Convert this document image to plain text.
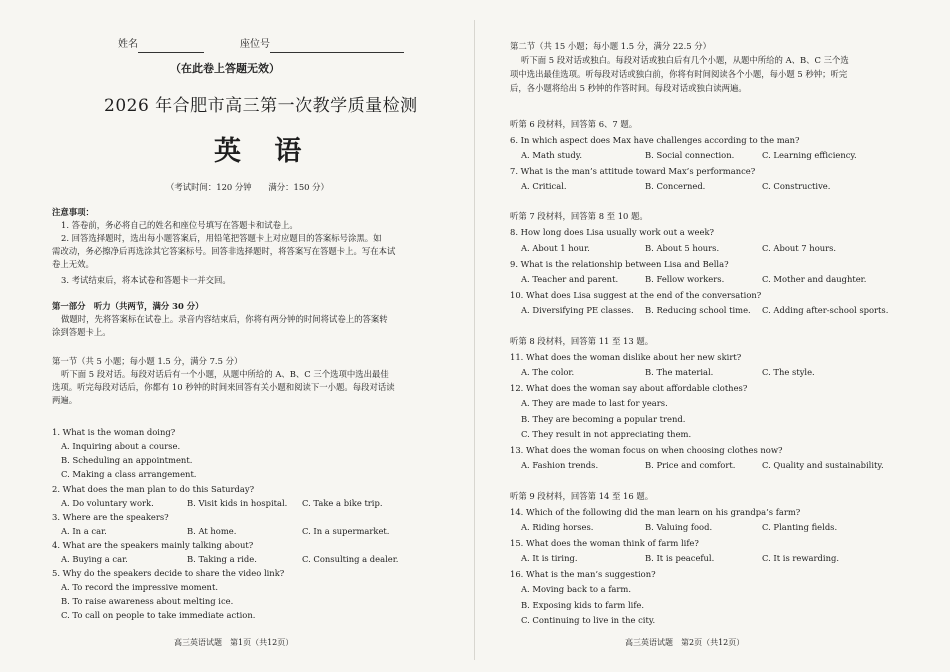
姓名	座位号
（在此卷上答题无效）
2026 年合肥市高三第一次教学质量检测
英 语
（考试时间：120 分钟　　满分：150 分）
注意事项：
1. 答卷前，务必将自己的姓名和座位号填写在答题卡和试卷上。
2. 回答选择题时，选出每小题答案后，用铅笔把答题卡上对应题目的答案标号涂黑。如
需改动，务必擦净后再选涂其它答案标号。回答非选择题时，将答案写在答题卡上。写在本试
卷上无效。
3. 考试结束后，将本试卷和答题卡一并交回。
第一部分　听力（共两节，满分 30 分）
做题时，先将答案标在试卷上。录音内容结束后，你将有两分钟的时间将试卷上的答案转
涂到答题卡上。
第一节（共 5 小题；每小题 1.5 分，满分 7.5 分）
听下面 5 段对话。每段对话后有一个小题，从题中所给的 A、B、C 三个选项中选出最佳
选项。听完每段对话后，你都有 10 秒钟的时间来回答有关小题和阅读下一小题。每段对话读
两遍。
1. What is the woman doing?
A. Inquiring about a course.
B. Scheduling an appointment.
C. Making a class arrangement.
2. What does the man plan to do this Saturday?
A. Do voluntary work.	B. Visit kids in hospital. C. Take a bike trip.
3. Where are the speakers?
A. In a car.	B. At home.	C. In a supermarket.
4. What are the speakers mainly talking about?
A. Buying a car.	B. Taking a ride.	C. Consulting a dealer.
5. Why do the speakers decide to share the video link?
A. To record the impressive moment.
B. To raise awareness about melting ice.
C. To call on people to take immediate action.
高三英语试题　第1页（共12页）
第二节（共 15 小题；每小题 1.5 分，满分 22.5 分）
听下面 5 段对话或独白。每段对话或独白后有几个小题，从题中所给的 A、B、C 三个选
项中选出最佳选项。听每段对话或独白前，你将有时间阅读各个小题，每小题 5 秒钟；听完
后，各小题将给出 5 秒钟的作答时间。每段对话或独白读两遍。
听第 6 段材料，回答第 6、7 题。
6. In which aspect does Max have challenges according to the man?
A. Math study.	B. Social connection.	C. Learning efficiency.
7. What is the man’s attitude toward Max’s performance?
A. Critical.	B. Concerned.	C. Constructive.
听第 7 段材料，回答第 8 至 10 题。
8. How long does Lisa usually work out a week?
A. About 1 hour.	B. About 5 hours.	C. About 7 hours.
9. What is the relationship between Lisa and Bella?
A. Teacher and parent.	B. Fellow workers.	C. Mother and daughter.
10. What does Lisa suggest at the end of the conversation?
A. Diversifying PE classes. B. Reducing school time. C. Adding after-school sports.
听第 8 段材料，回答第 11 至 13 题。
11. What does the woman dislike about her new skirt?
A. The color.	B. The material.	C. The style.
12. What does the woman say about affordable clothes?
A. They are made to last for years.
B. They are becoming a popular trend.
C. They result in not appreciating them.
13. What does the woman focus on when choosing clothes now?
A. Fashion trends.	B. Price and comfort.	C. Quality and sustainability.
听第 9 段材料，回答第 14 至 16 题。
14. Which of the following did the man learn on his grandpa’s farm?
A. Riding horses.	B. Valuing food.	C. Planting fields.
15. What does the woman think of farm life?
A. It is tiring.	B. It is peaceful.	C. It is rewarding.
16. What is the man’s suggestion?
A. Moving back to a farm.
B. Exposing kids to farm life.
C. Continuing to live in the city.
高三英语试题　第2页（共12页）
